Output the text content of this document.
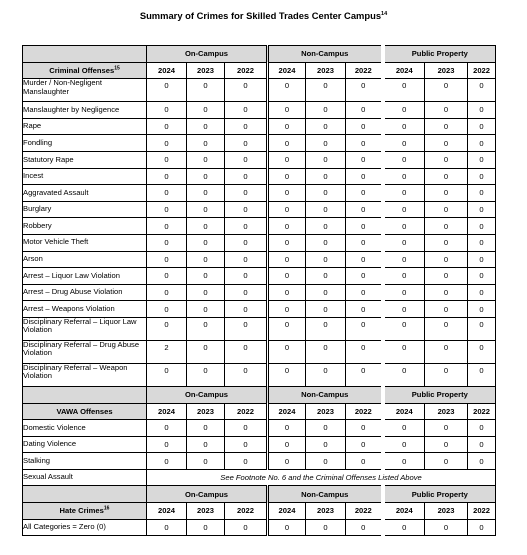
Summary of Crimes for Skilled Trades Center Campus$^{14}$
	On-Campus			Non-Campus			Public Property		
Criminal Offenses$^{15}$	2024	2023	2022	2024	2023	2022	2024	2023	2022
Murder / Non-Negligent Manslaughter	0	0	0	0	0	0	0	0	0
Manslaughter by Negligence	0	0	0	0	0	0	0	0	0
Rape	0	0	0	0	0	0	0	0	0
Fondling	0	0	0	0	0	0	0	0	0
Statutory Rape	0	0	0	0	0	0	0	0	0
Incest	0	0	0	0	0	0	0	0	0
Aggravated Assault	0	0	0	0	0	0	0	0	0
Burglary	0	0	0	0	0	0	0	0	0
Robbery	0	0	0	0	0	0	0	0	0
Motor Vehicle Theft	0	0	0	0	0	0	0	0	0
Arson	0	0	0	0	0	0	0	0	0
Arrest – Liquor Law Violation	0	0	0	0	0	0	0	0	0
Arrest – Drug Abuse Violation	0	0	0	0	0	0	0	0	0
Arrest – Weapons Violation	0	0	0	0	0	0	0	0	0
Disciplinary Referral – Liquor Law Violation	0	0	0	0	0	0	0	0	0
Disciplinary Referral – Drug Abuse Violation	2	0	0	0	0	0	0	0	0
Disciplinary Referral – Weapon Violation	0	0	0	0	0	0	0	0	0
	On-Campus			Non-Campus			Public Property		
VAWA Offenses	2024	2023	2022	2024	2023	2022	2024	2023	2022
Domestic Violence	0	0	0	0	0	0	0	0	0
Dating Violence	0	0	0	0	0	0	0	0	0
Stalking	0	0	0	0	0	0	0	0	0
Sexual Assault	See Footnote No. 6 and the Criminal Offenses Listed Above								
	On-Campus			Non-Campus			Public Property		
Hate Crimes$^{16}$	2024	2023	2022	2024	2023	2022	2024	2023	2022
All Categories = Zero (0)	0	0	0	0	0	0	0	0	0
